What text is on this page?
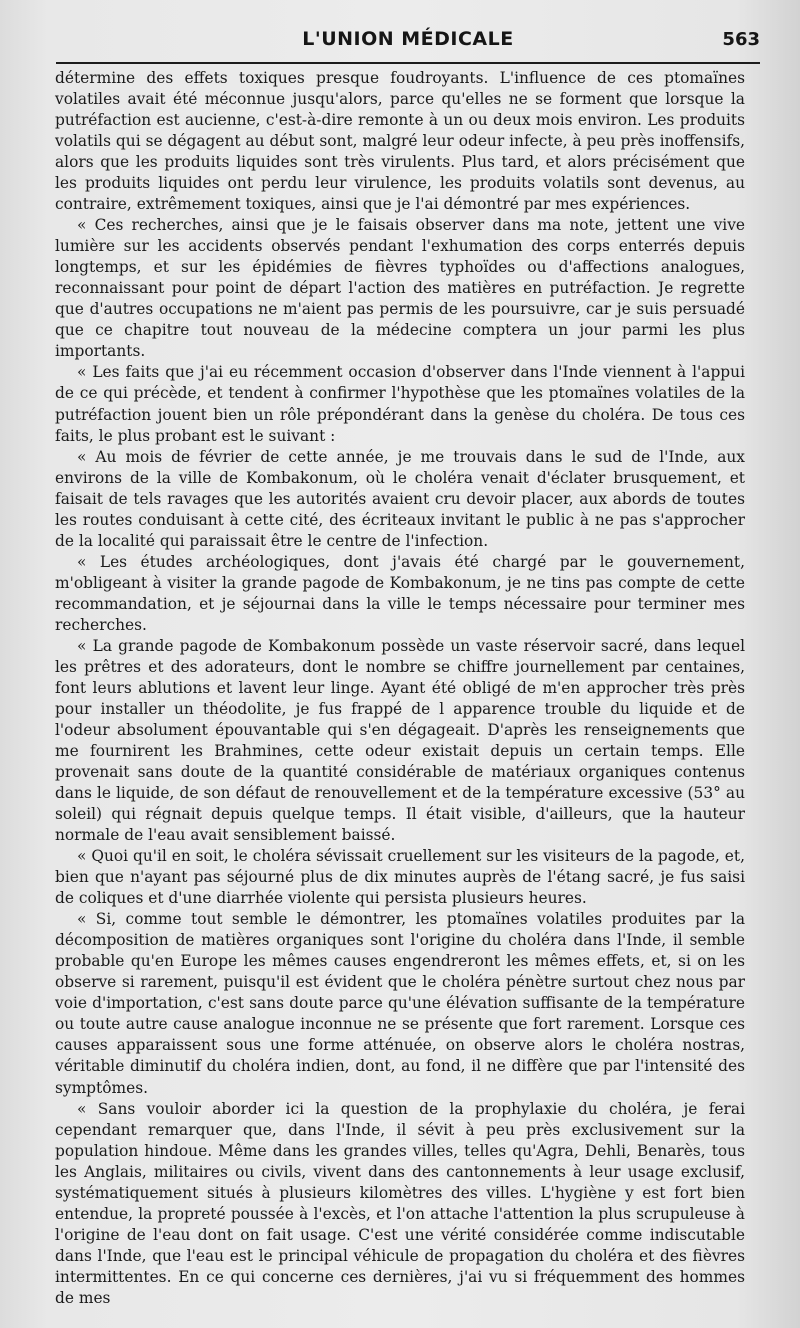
L'UNION MÉDICALE	563

détermine des effets toxiques presque foudroyants. L'influence de ces ptomaïnes volatiles avait été méconnue jusqu'alors, parce qu'elles ne se forment que lorsque la putréfaction est aucienne, c'est-à-dire remonte à un ou deux mois environ. Les produits volatils qui se dégagent au début sont, malgré leur odeur infecte, à peu près inoffensifs, alors que les produits liquides sont très virulents. Plus tard, et alors précisément que les produits liquides ont perdu leur virulence, les produits volatils sont devenus, au contraire, extrêmement toxiques, ainsi que je l'ai démontré par mes expériences.

« Ces recherches, ainsi que je le faisais observer dans ma note, jettent une vive lumière sur les accidents observés pendant l'exhumation des corps enterrés depuis longtemps, et sur les épidémies de fièvres typhoïdes ou d'affections analogues, reconnaissant pour point de départ l'action des matières en putréfaction. Je regrette que d'autres occupations ne m'aient pas permis de les poursuivre, car je suis persuadé que ce chapitre tout nouveau de la médecine comptera un jour parmi les plus importants.

« Les faits que j'ai eu récemment occasion d'observer dans l'Inde viennent à l'appui de ce qui précède, et tendent à confirmer l'hypothèse que les ptomaïnes volatiles de la putréfaction jouent bien un rôle prépondérant dans la genèse du choléra. De tous ces faits, le plus probant est le suivant :

« Au mois de février de cette année, je me trouvais dans le sud de l'Inde, aux environs de la ville de Kombakonum, où le choléra venait d'éclater brusquement, et faisait de tels ravages que les autorités avaient cru devoir placer, aux abords de toutes les routes conduisant à cette cité, des écriteaux invitant le public à ne pas s'approcher de la localité qui paraissait être le centre de l'infection.

« Les études archéologiques, dont j'avais été chargé par le gouvernement, m'obligeant à visiter la grande pagode de Kombakonum, je ne tins pas compte de cette recommandation, et je séjournai dans la ville le temps nécessaire pour terminer mes recherches.

« La grande pagode de Kombakonum possède un vaste réservoir sacré, dans lequel les prêtres et des adorateurs, dont le nombre se chiffre journellement par centaines, font leurs ablutions et lavent leur linge. Ayant été obligé de m'en approcher très près pour installer un théodolite, je fus frappé de l apparence trouble du liquide et de l'odeur absolument épouvantable qui s'en dégageait. D'après les renseignements que me fournirent les Brahmines, cette odeur existait depuis un certain temps. Elle provenait sans doute de la quantité considérable de matériaux organiques contenus dans le liquide, de son défaut de renouvellement et de la température excessive (53° au soleil) qui régnait depuis quelque temps. Il était visible, d'ailleurs, que la hauteur normale de l'eau avait sensiblement baissé.

« Quoi qu'il en soit, le choléra sévissait cruellement sur les visiteurs de la pagode, et, bien que n'ayant pas séjourné plus de dix minutes auprès de l'étang sacré, je fus saisi de coliques et d'une diarrhée violente qui persista plusieurs heures.

« Si, comme tout semble le démontrer, les ptomaïnes volatiles produites par la décomposition de matières organiques sont l'origine du choléra dans l'Inde, il semble probable qu'en Europe les mêmes causes engendreront les mêmes effets, et, si on les observe si rarement, puisqu'il est évident que le choléra pénètre surtout chez nous par voie d'importation, c'est sans doute parce qu'une élévation suffisante de la température ou toute autre cause analogue inconnue ne se présente que fort rarement. Lorsque ces causes apparaissent sous une forme atténuée, on observe alors le choléra nostras, véritable diminutif du choléra indien, dont, au fond, il ne diffère que par l'intensité des symptômes.

« Sans vouloir aborder ici la question de la prophylaxie du choléra, je ferai cependant remarquer que, dans l'Inde, il sévit à peu près exclusivement sur la population hindoue. Même dans les grandes villes, telles qu'Agra, Dehli, Benarès, tous les Anglais, militaires ou civils, vivent dans des cantonnements à leur usage exclusif, systématiquement situés à plusieurs kilomètres des villes. L'hygiène y est fort bien entendue, la propreté poussée à l'excès, et l'on attache l'attention la plus scrupuleuse à l'origine de l'eau dont on fait usage. C'est une vérité considérée comme indiscutable dans l'Inde, que l'eau est le principal véhicule de propagation du choléra et des fièvres intermittentes. En ce qui concerne ces dernières, j'ai vu si fréquemment des hommes de mes
